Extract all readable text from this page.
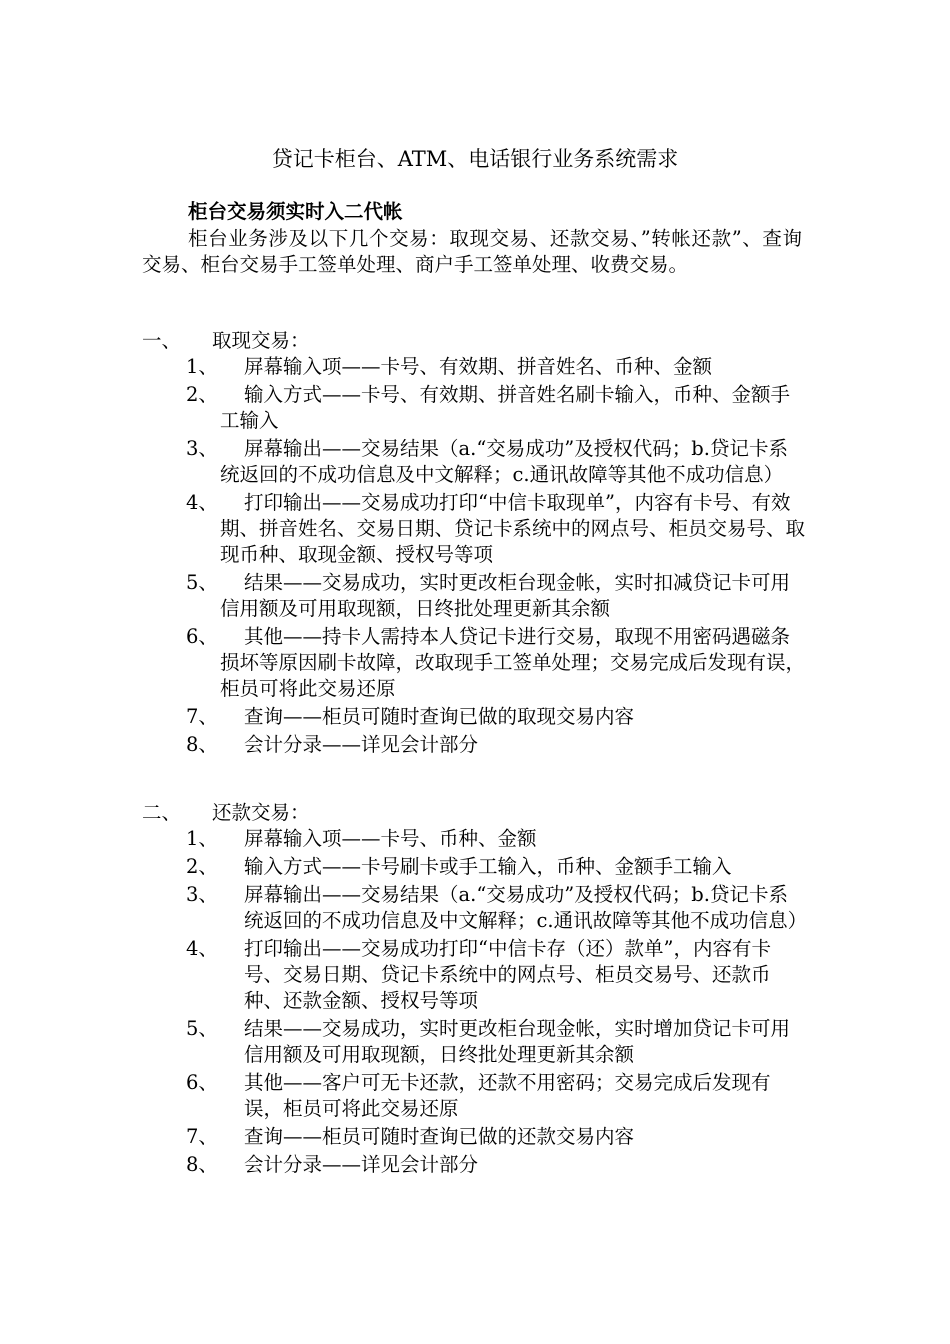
贷记卡柜台、ATM、电话银行业务系统需求
柜台交易须实时入二代帐
柜台业务涉及以下几个交易：取现交易、还款交易、”转帐还款”、查询交易、柜台交易手工签单处理、商户手工签单处理、收费交易。
一、 取现交易：
1、 屏幕输入项——卡号、有效期、拼音姓名、币种、金额
2、 输入方式——卡号、有效期、拼音姓名刷卡输入，币种、金额手工输入
3、 屏幕输出——交易结果（a.“交易成功”及授权代码；b.贷记卡系统返回的不成功信息及中文解释；c.通讯故障等其他不成功信息）
4、 打印输出——交易成功打印“中信卡取现单”，内容有卡号、有效期、拼音姓名、交易日期、贷记卡系统中的网点号、柜员交易号、取现币种、取现金额、授权号等项
5、 结果——交易成功，实时更改柜台现金帐，实时扣减贷记卡可用信用额及可用取现额，日终批处理更新其余额
6、 其他——持卡人需持本人贷记卡进行交易，取现不用密码遇磁条损坏等原因刷卡故障，改取现手工签单处理；交易完成后发现有误，柜员可将此交易还原
7、 查询——柜员可随时查询已做的取现交易内容
8、 会计分录——详见会计部分
二、 还款交易：
1、 屏幕输入项——卡号、币种、金额
2、 输入方式——卡号刷卡或手工输入，币种、金额手工输入
3、 屏幕输出——交易结果（a.“交易成功”及授权代码；b.贷记卡系统返回的不成功信息及中文解释；c.通讯故障等其他不成功信息）
4、 打印输出——交易成功打印“中信卡存（还）款单”，内容有卡号、交易日期、贷记卡系统中的网点号、柜员交易号、还款币种、还款金额、授权号等项
5、 结果——交易成功，实时更改柜台现金帐，实时增加贷记卡可用信用额及可用取现额，日终批处理更新其余额
6、 其他——客户可无卡还款，还款不用密码；交易完成后发现有误，柜员可将此交易还原
7、 查询——柜员可随时查询已做的还款交易内容
8、 会计分录——详见会计部分
